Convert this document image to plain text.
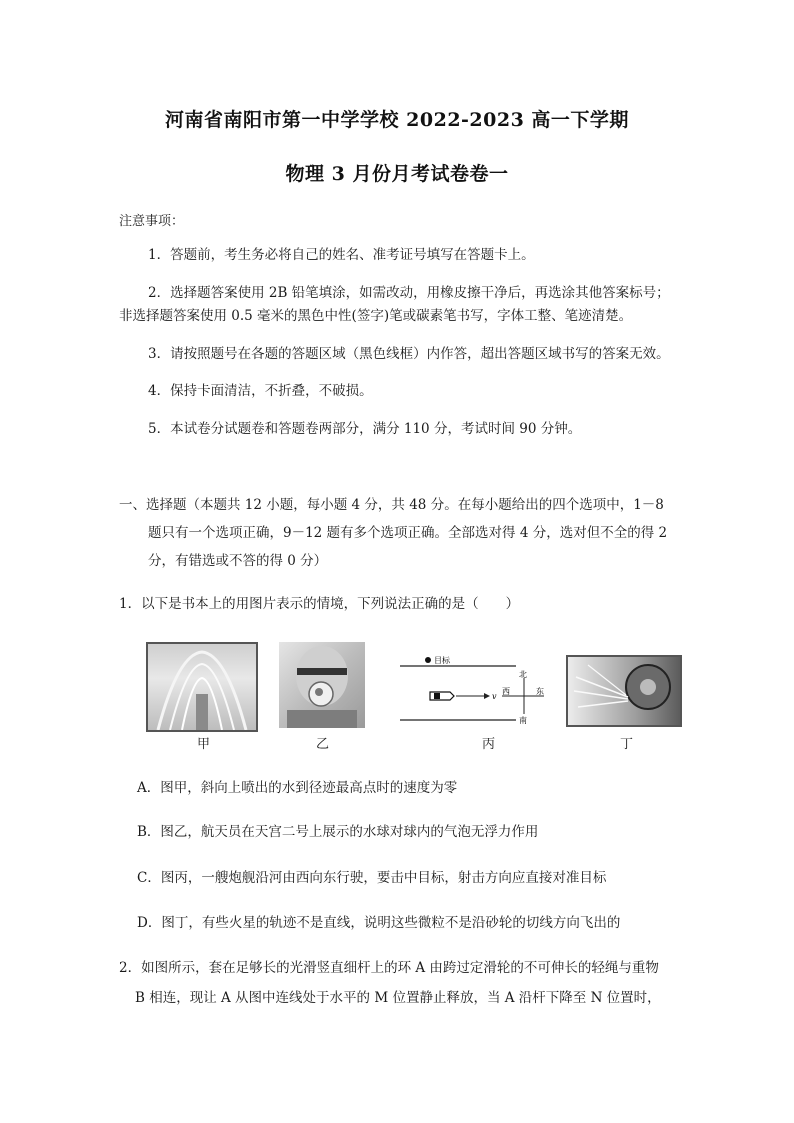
河南省南阳市第一中学学校 2022-2023 高一下学期
物理 3 月份月考试卷卷一
注意事项：
1．答题前，考生务必将自己的姓名、准考证号填写在答题卡上。
2．选择题答案使用 2B 铅笔填涂，如需改动，用橡皮擦干净后，再选涂其他答案标号；
非选择题答案使用 0.5 毫米的黑色中性(签字)笔或碳素笔书写，字体工整、笔迹清楚。
3．请按照题号在各题的答题区域（黑色线框）内作答，超出答题区域书写的答案无效。
4．保持卡面清洁，不折叠，不破损。
5．本试卷分试题卷和答题卷两部分，满分 110 分，考试时间 90 分钟。
一、选择题（本题共 12 小题，每小题 4 分，共 48 分。在每小题给出的四个选项中，1－8
题只有一个选项正确，9－12 题有多个选项正确。全部选对得 4 分，选对但不全的得 2
分，有错选或不答的得 0 分）
1．以下是书本上的用图片表示的情境，下列说法正确的是（　　）
目标
v
北
南
西	东
甲	乙	丙	丁
A．图甲，斜向上喷出的水到径迹最高点时的速度为零
B．图乙，航天员在天宫二号上展示的水球对球内的气泡无浮力作用
C．图丙，一艘炮舰沿河由西向东行驶，要击中目标，射击方向应直接对准目标
D．图丁，有些火星的轨迹不是直线，说明这些微粒不是沿砂轮的切线方向飞出的
2．如图所示，套在足够长的光滑竖直细杆上的环 A 由跨过定滑轮的不可伸长的轻绳与重物
B 相连，现让 A 从图中连线处于水平的 M 位置静止释放，当 A 沿杆下降至 N 位置时，
